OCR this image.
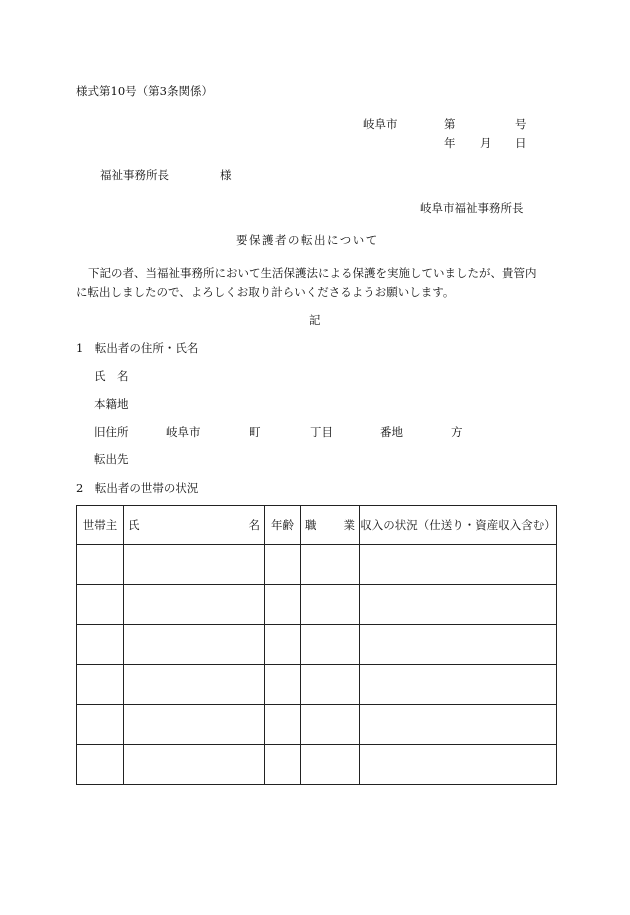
様式第10号（第3条関係）
岐阜市	第	号
年 月 日
福祉事務所長	様
岐阜市福祉事務所長
要保護者の転出について
下記の者、当福祉事務所において生活保護法による保護を実施していましたが、貴管内
に転出しましたので、よろしくお取り計らいくださるようお願いします。
記
1　転出者の住所・氏名
氏　名
本籍地
旧住所	岐阜市	町	丁目	番地	方
転出先
2　転出者の世帯の状況
世帯主	氏 名	年齢	職 業	収入の状況（仕送り・資産収入含む）
